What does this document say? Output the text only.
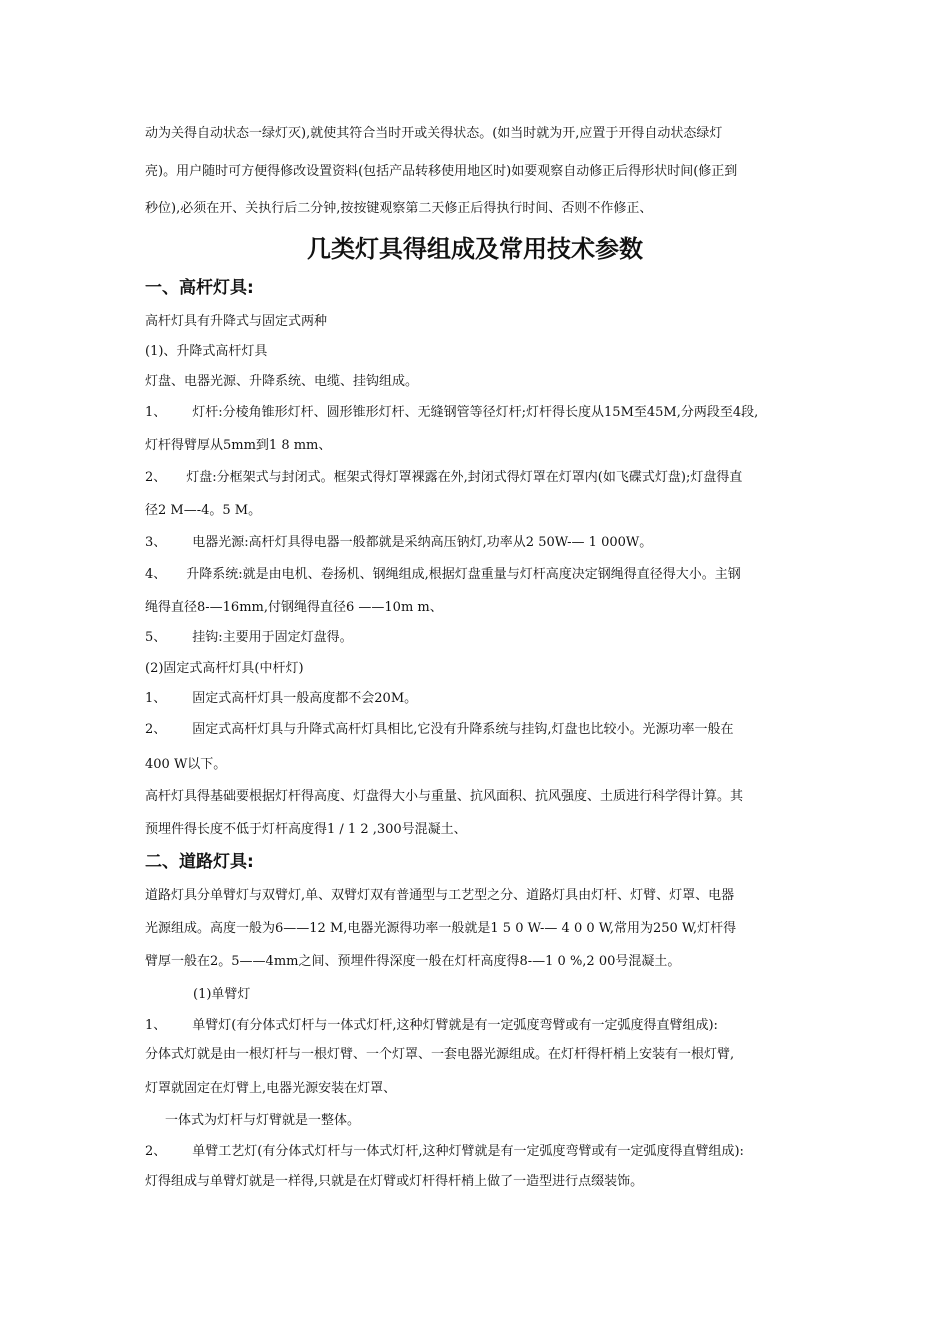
动为关得自动状态一绿灯灭),就使其符合当时开或关得状态。(如当时就为开,应置于开得自动状态绿灯
亮)。用户随时可方便得修改设置资料(包括产品转移使用地区时)如要观察自动修正后得形状时间(修正到
秒位),必须在开、关执行后二分钟,按按键观察第二天修正后得执行时间、否则不作修正、
几类灯具得组成及常用技术参数
一、高杆灯具:
高杆灯具有升降式与固定式两种
(1)、升降式高杆灯具
灯盘、电器光源、升降系统、电缆、挂钩组成。
1、 灯杆:分棱角锥形灯杆、圆形锥形灯杆、无缝钢管等径灯杆;灯杆得长度从15M至45M,分两段至4段,
灯杆得臂厚从5mm到1 8 mm、
2、 灯盘:分框架式与封闭式。框架式得灯罩裸露在外,封闭式得灯罩在灯罩内(如飞碟式灯盘);灯盘得直
径2 M—-4。5 M。
3、 电器光源:高杆灯具得电器一般都就是采纳高压钠灯,功率从2 50W-— 1 000W。
4、 升降系统:就是由电机、卷扬机、钢绳组成,根据灯盘重量与灯杆高度决定钢绳得直径得大小。主钢
绳得直径8-—16mm,付钢绳得直径6 ——10m m、
5、 挂钩:主要用于固定灯盘得。
(2)固定式高杆灯具(中杆灯)
1、 固定式高杆灯具一般高度都不会20M。
2、 固定式高杆灯具与升降式高杆灯具相比,它没有升降系统与挂钩,灯盘也比较小。光源功率一般在
400 W以下。
高杆灯具得基础要根据灯杆得高度、灯盘得大小与重量、抗风面积、抗风强度、土质进行科学得计算。其
预埋件得长度不低于灯杆高度得1 / 1 2 ,300号混凝土、
二、道路灯具:
道路灯具分单臂灯与双臂灯,单、双臂灯双有普通型与工艺型之分、道路灯具由灯杆、灯臂、灯罩、电器
光源组成。高度一般为6——12 M,电器光源得功率一般就是1 5 0 W-— 4 0 0 W,常用为250 W,灯杆得
臂厚一般在2。5——4mm之间、预埋件得深度一般在灯杆高度得8-—1 0 %,2 00号混凝土。
(1)单臂灯
1、 单臂灯(有分体式灯杆与一体式灯杆,这种灯臂就是有一定弧度弯臂或有一定弧度得直臂组成):
分体式灯就是由一根灯杆与一根灯臂、一个灯罩、一套电器光源组成。在灯杆得杆梢上安装有一根灯臂,
灯罩就固定在灯臂上,电器光源安装在灯罩、
一体式为灯杆与灯臂就是一整体。
2、 单臂工艺灯(有分体式灯杆与一体式灯杆,这种灯臂就是有一定弧度弯臂或有一定弧度得直臂组成):
灯得组成与单臂灯就是一样得,只就是在灯臂或灯杆得杆梢上做了一造型进行点缀装饰。
